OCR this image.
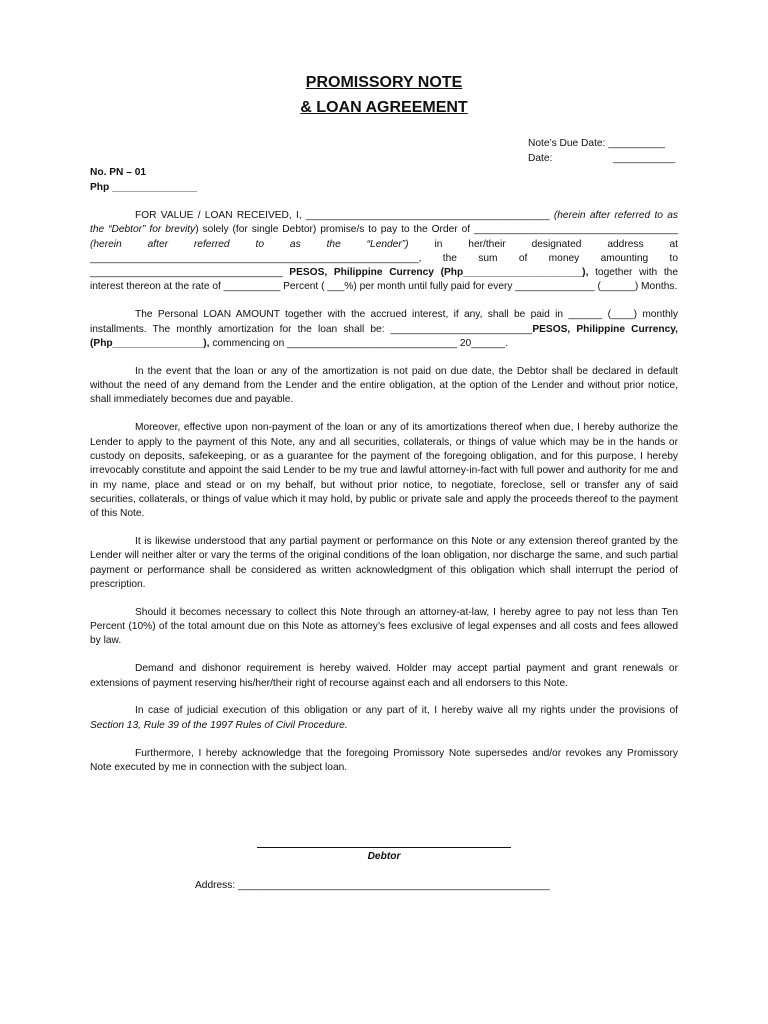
PROMISSORY NOTE
& LOAN AGREEMENT
Note’s Due Date: __________
Date:	___________
No. PN – 01
Php _______________

FOR VALUE / LOAN RECEIVED, I, ___________________________________________ (herein after referred to as the “Debtor” for brevity) solely (for single Debtor) promise/s to pay to the Order of ____________________________________ (herein after referred to as the “Lender”) in her/their designated address at __________________________________________________________, the sum of money amounting to __________________________________ PESOS, Philippine Currency (Php_____________________), together with the interest thereon at the rate of __________ Percent ( ___%) per month until fully paid for every ______________ (______) Months.

The Personal LOAN AMOUNT together with the accrued interest, if any, shall be paid in ______ (____) monthly installments. The monthly amortization for the loan shall be: _________________________PESOS, Philippine Currency, (Php________________), commencing on ______________________________ 20______.

In the event that the loan or any of the amortization is not paid on due date, the Debtor shall be declared in default without the need of any demand from the Lender and the entire obligation, at the option of the Lender and without prior notice, shall immediately becomes due and payable.

Moreover, effective upon non-payment of the loan or any of its amortizations thereof when due, I hereby authorize the Lender to apply to the payment of this Note, any and all securities, collaterals, or things of value which may be in the hands or custody on deposits, safekeeping, or as a guarantee for the payment of the foregoing obligation, and for this purpose, I hereby irrevocably constitute and appoint the said Lender to be my true and lawful attorney-in-fact with full power and authority for me and in my name, place and stead or on my behalf, but without prior notice, to negotiate, foreclose, sell or transfer any of said securities, collaterals, or things of value which it may hold, by public or private sale and apply the proceeds thereof to the payment of this Note.

It is likewise understood that any partial payment or performance on this Note or any extension thereof granted by the Lender will neither alter or vary the terms of the original conditions of the loan obligation, nor discharge the same, and such partial payment or performance shall be considered as written acknowledgment of this obligation which shall interrupt the period of prescription.

Should it becomes necessary to collect this Note through an attorney-at-law, I hereby agree to pay not less than Ten Percent (10%) of the total amount due on this Note as attorney’s fees exclusive of legal expenses and all costs and fees allowed by law.

Demand and dishonor requirement is hereby waived. Holder may accept partial payment and grant renewals or extensions of payment reserving his/her/their right of recourse against each and all endorsers to this Note.

In case of judicial execution of this obligation or any part of it, I hereby waive all my rights under the provisions of Section 13, Rule 39 of the 1997 Rules of Civil Procedure.

Furthermore, I hereby acknowledge that the foregoing Promissory Note supersedes and/or revokes any Promissory Note executed by me in connection with the subject loan.

Debtor
Address: _______________________________________________________
